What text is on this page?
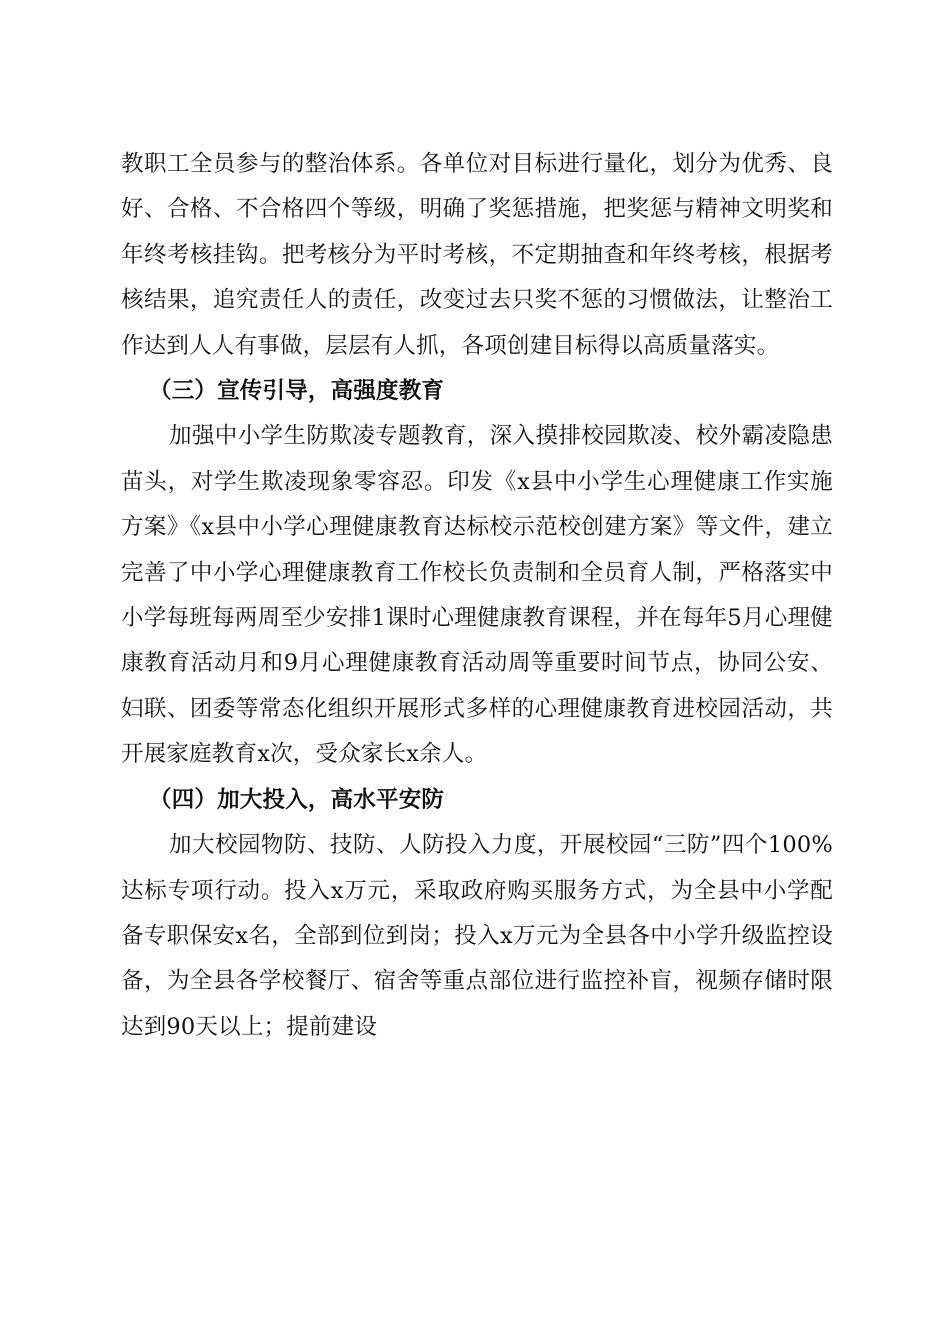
教职工全员参与的整治体系。各单位对目标进行量化，划分为优秀、良好、合格、不合格四个等级，明确了奖惩措施，把奖惩与精神文明奖和年终考核挂钩。把考核分为平时考核，不定期抽查和年终考核，根据考核结果，追究责任人的责任，改变过去只奖不惩的习惯做法，让整治工作达到人人有事做，层层有人抓，各项创建目标得以高质量落实。

（三）宣传引导，高强度教育

加强中小学生防欺凌专题教育，深入摸排校园欺凌、校外霸凌隐患苗头，对学生欺凌现象零容忍。印发《x县中小学生心理健康工作实施方案》《x县中小学心理健康教育达标校示范校创建方案》等文件，建立完善了中小学心理健康教育工作校长负责制和全员育人制，严格落实中小学每班每两周至少安排1课时心理健康教育课程，并在每年5月心理健康教育活动月和9月心理健康教育活动周等重要时间节点，协同公安、妇联、团委等常态化组织开展形式多样的心理健康教育进校园活动，共开展家庭教育x次，受众家长x余人。

（四）加大投入，高水平安防

加大校园物防、技防、人防投入力度，开展校园“三防”四个100%达标专项行动。投入x万元，采取政府购买服务方式，为全县中小学配备专职保安x名，全部到位到岗；投入x万元为全县各中小学升级监控设备，为全县各学校餐厅、宿舍等重点部位进行监控补盲，视频存储时限达到90天以上；提前建设
